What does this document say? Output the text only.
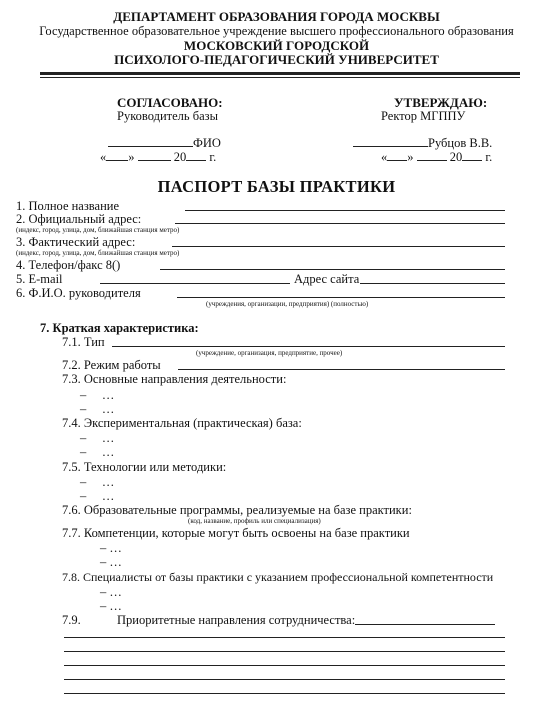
ДЕПАРТАМЕНТ ОБРАЗОВАНИЯ ГОРОДА МОСКВЫ
Государственное образовательное учреждение высшего профессионального образования
МОСКОВСКИЙ ГОРОДСКОЙ
ПСИХОЛОГО-ПЕДАГОГИЧЕСКИЙ УНИВЕРСИТЕТ
СОГЛАСОВАНО:
Руководитель базы
ФИО
« »	20 г.
УТВЕРЖДАЮ:
Ректор МГППУ
Рубцов В.В.
« »	20 г.
ПАСПОРТ БАЗЫ ПРАКТИКИ
1. Полное название
2. Официальный адрес:
(индекс, город, улица, дом, ближайшая станция метро)
3. Фактический адрес:
(индекс, город, улица, дом, ближайшая станция метро)
4. Телефон/факс 8()
5. E-mail	Адрес сайта
6. Ф.И.О. руководителя
(учреждения, организации, предприятия) (полностью)
7. Краткая характеристика:
7.1. Тип
(учреждение, организация, предприятие, прочее)
7.2. Режим работы
7.3. Основные направления деятельности:
– …
– …
7.4. Экспериментальная (практическая) база:
– …
– …
7.5. Технологии или методики:
– …
– …
7.6. Образовательные программы, реализуемые на базе практики:
(код, название, профиль или специализация)
7.7. Компетенции, которые могут быть освоены на базе практики
– …
– …
7.8. Специалисты от базы практики с указанием профессиональной компетентности
– …
– …
7.9.	Приоритетные направления сотрудничества:
